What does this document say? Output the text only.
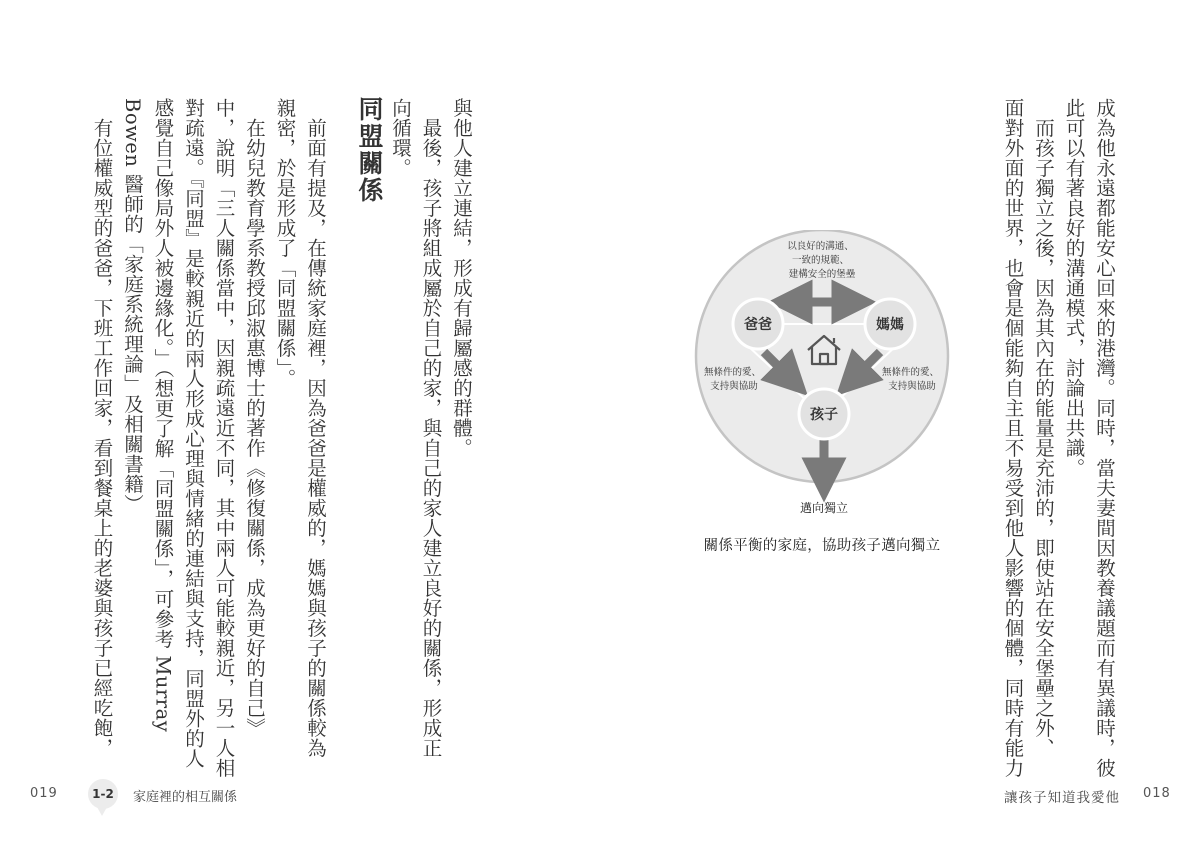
與他人建立連結，形成有歸屬感的群體。
　最後，孩子將組成屬於自己的家，與自己的家人建立良好的關係，形成正
向循環。

同盟關係

　前面有提及，在傳統家庭裡，因為爸爸是權威的，媽媽與孩子的關係較為
親密，於是形成了「同盟關係」。
　在幼兒教育學系教授邱淑惠博士的著作《修復關係，成為更好的自己》
中，說明「三人關係當中，因親疏遠近不同，其中兩人可能較親近，另一人相
對疏遠。『同盟』是較親近的兩人形成心理與情緒的連結與支持，同盟外的人
感覺自己像局外人被邊緣化。」（想更了解「同盟關係」，可參考 Murray
Bowen 醫師的「家庭系統理論」及相關書籍）
　有位權威型的爸爸，下班工作回家，看到餐桌上的老婆與孩子已經吃飽，

019	1-2	家庭裡的相互關係

成為他永遠都能安心回來的港灣。同時，當夫妻間因教養議題而有異議時，彼
此可以有著良好的溝通模式，討論出共識。
　而孩子獨立之後，因為其內在的能量是充沛的，即使站在安全堡壘之外、
面對外面的世界，也會是個能夠自主且不易受到他人影響的個體，同時有能力

爸爸	媽媽
孩子
以良好的溝通、 一致的規範、 建構安全的堡壘
無條件的愛、 支持與協助
無條件的愛、 支持與協助
邁向獨立
關係平衡的家庭，協助孩子邁向獨立
讓孩子知道我愛他 018
